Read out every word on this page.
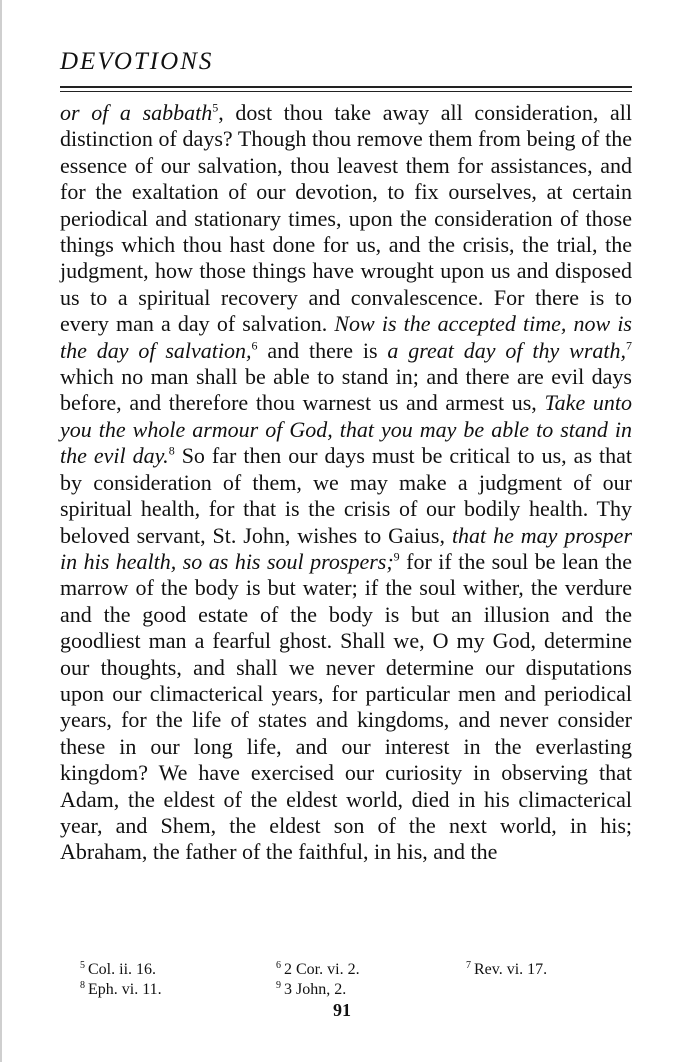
DEVOTIONS

or of a sabbath$^5$, dost thou take away all consideration, all distinction of days? Though thou remove them from being of the essence of our salvation, thou leavest them for assistances, and for the exaltation of our devotion, to fix ourselves, at certain periodical and stationary times, upon the consideration of those things which thou hast done for us, and the crisis, the trial, the judgment, how those things have wrought upon us and disposed us to a spiritual recovery and convalescence. For there is to every man a day of salvation. Now is the accepted time, now is the day of salvation,$^6$ and there is a great day of thy wrath,$^7$ which no man shall be able to stand in; and there are evil days before, and therefore thou warnest us and armest us, Take unto you the whole armour of God, that you may be able to stand in the evil day.$^8$ So far then our days must be critical to us, as that by consideration of them, we may make a judgment of our spiritual health, for that is the crisis of our bodily health. Thy beloved servant, St. John, wishes to Gaius, that he may prosper in his health, so as his soul prospers;$^9$ for if the soul be lean the marrow of the body is but water; if the soul wither, the verdure and the good estate of the body is but an illusion and the goodliest man a fearful ghost. Shall we, O my God, determine our thoughts, and shall we never determine our disputations upon our climacterical years, for particular men and periodical years, for the life of states and kingdoms, and never consider these in our long life, and our interest in the everlasting kingdom? We have exercised our curiosity in observing that Adam, the eldest of the eldest world, died in his climacterical year, and Shem, the eldest son of the next world, in his; Abraham, the father of the faithful, in his, and the

$^5$ Col. ii. 16.	$^6$ 2 Cor. vi. 2.	$^7$ Rev. vi. 17.
$^8$ Eph. vi. 11.	$^9$ 3 John, 2.
91
